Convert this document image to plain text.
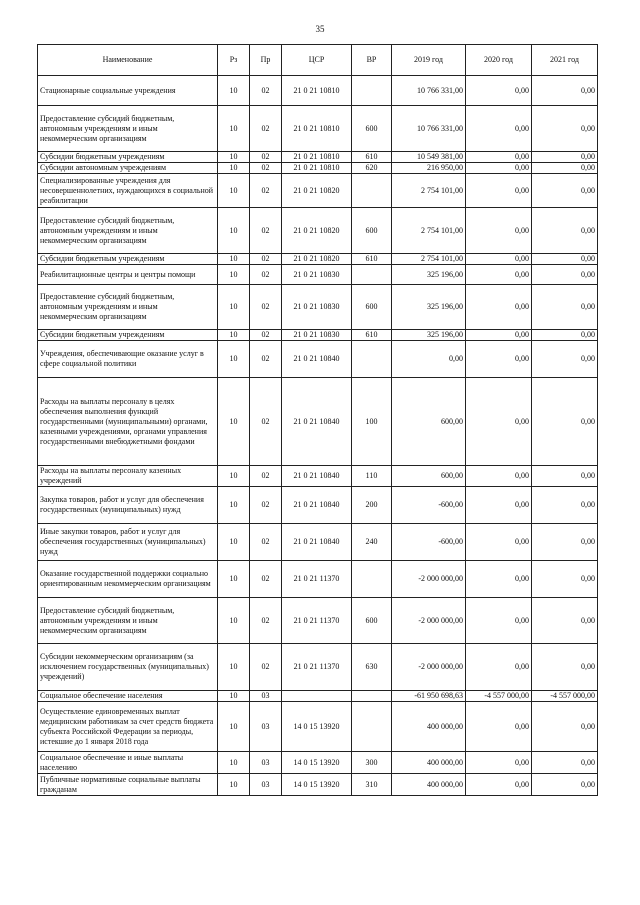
35
Наименование	Рз	Пр	ЦСР	ВР	2019 год	2020 год	2021 год
Стационарные социальные учреждения	10	02	21 0 21 10810		10 766 331,00	0,00	0,00
Предоставление субсидий бюджетным, автономным учреждениям и иным некоммерческим организациям	10	02	21 0 21 10810	600	10 766 331,00	0,00	0,00
Субсидии бюджетным учреждениям	10	02	21 0 21 10810	610	10 549 381,00	0,00	0,00
Субсидии автономным учреждениям	10	02	21 0 21 10810	620	216 950,00	0,00	0,00
Специализированные учреждения для несовершеннолетних, нуждающихся в социальной реабилитации	10	02	21 0 21 10820		2 754 101,00	0,00	0,00
Предоставление субсидий бюджетным, автономным учреждениям и иным некоммерческим организациям	10	02	21 0 21 10820	600	2 754 101,00	0,00	0,00
Субсидии бюджетным учреждениям	10	02	21 0 21 10820	610	2 754 101,00	0,00	0,00
Реабилитационные центры и центры помощи	10	02	21 0 21 10830		325 196,00	0,00	0,00
Предоставление субсидий бюджетным, автономным учреждениям и иным некоммерческим организациям	10	02	21 0 21 10830	600	325 196,00	0,00	0,00
Субсидии бюджетным учреждениям	10	02	21 0 21 10830	610	325 196,00	0,00	0,00
Учреждения, обеспечивающие оказание услуг в сфере социальной политики	10	02	21 0 21 10840		0,00	0,00	0,00
Расходы на выплаты персоналу в целях обеспечения выполнения функций государственными (муниципальными) органами, казенными учреждениями, органами управления государственными внебюджетными фондами	10	02	21 0 21 10840	100	600,00	0,00	0,00
Расходы на выплаты персоналу казенных учреждений	10	02	21 0 21 10840	110	600,00	0,00	0,00
Закупка товаров, работ и услуг для обеспечения государственных (муниципальных) нужд	10	02	21 0 21 10840	200	-600,00	0,00	0,00
Иные закупки товаров, работ и услуг для обеспечения государственных (муниципальных) нужд	10	02	21 0 21 10840	240	-600,00	0,00	0,00
Оказание государственной поддержки социально ориентированным некоммерческим организациям	10	02	21 0 21 11370		-2 000 000,00	0,00	0,00
Предоставление субсидий бюджетным, автономным учреждениям и иным некоммерческим организациям	10	02	21 0 21 11370	600	-2 000 000,00	0,00	0,00
Субсидии некоммерческим организациям (за исключением государственных (муниципальных) учреждений)	10	02	21 0 21 11370	630	-2 000 000,00	0,00	0,00
Социальное обеспечение населения	10	03			-61 950 698,63	-4 557 000,00	-4 557 000,00
Осуществление единовременных выплат медицинским работникам за счет средств бюджета субъекта Российской Федерации за периоды, истекшие до 1 января 2018 года	10	03	14 0 15 13920		400 000,00	0,00	0,00
Социальное обеспечение и иные выплаты населению	10	03	14 0 15 13920	300	400 000,00	0,00	0,00
Публичные нормативные социальные выплаты гражданам	10	03	14 0 15 13920	310	400 000,00	0,00	0,00
